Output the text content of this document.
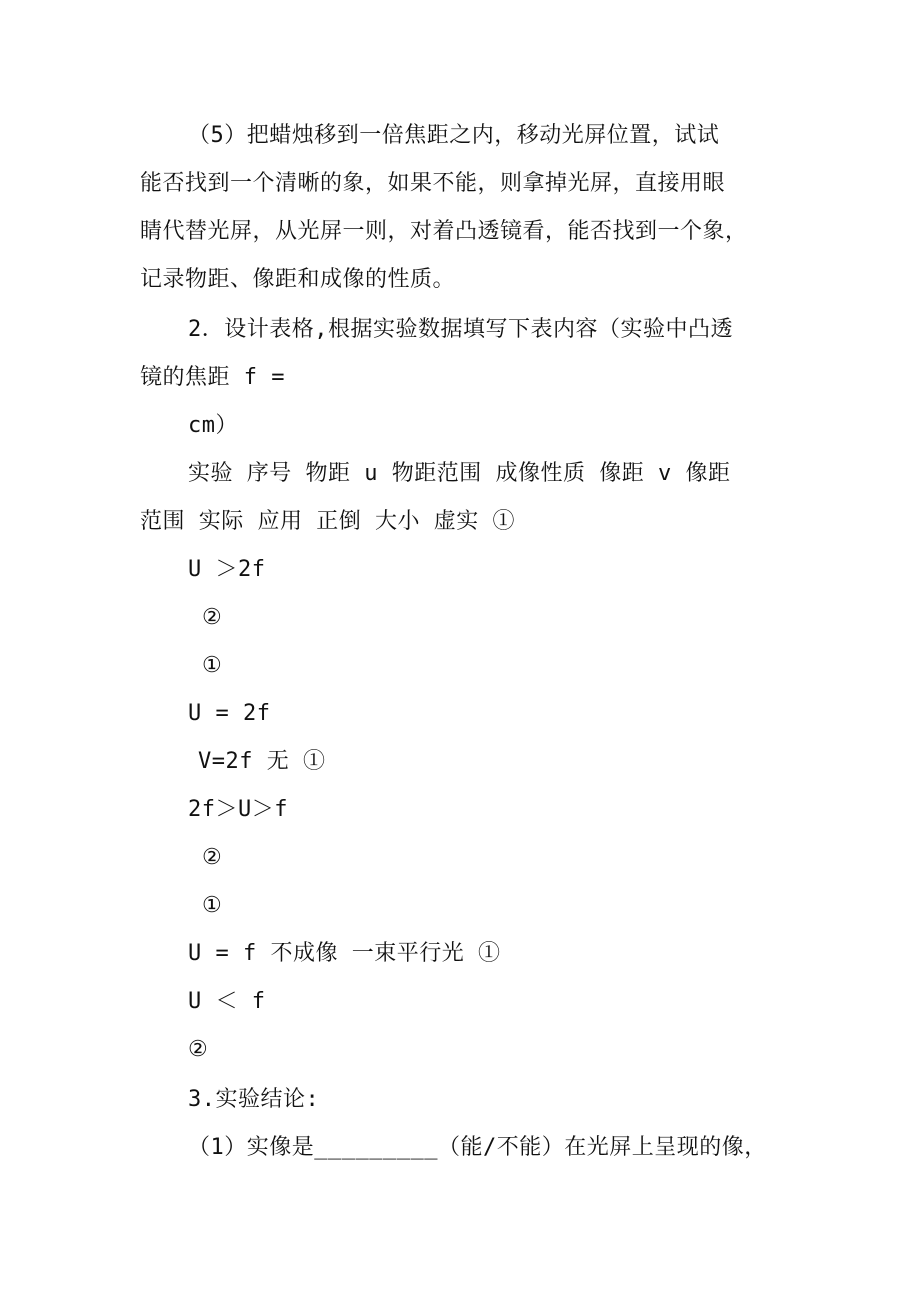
（5）把蜡烛移到一倍焦距之内，移动光屏位置，试试
能否找到一个清晰的象，如果不能，则拿掉光屏，直接用眼
睛代替光屏，从光屏一则，对着凸透镜看，能否找到一个象，
记录物距、像距和成像的性质。
2．设计表格,根据实验数据填写下表内容（实验中凸透
镜的焦距 f =
cm）
实验 序号 物距 u 物距范围 成像性质 像距 v 像距
范围 实际 应用 正倒 大小 虚实 ①
U ＞2f
②
①
U = 2f
V=2f 无 ①
2f＞U＞f
②
①
U = f 不成像 一束平行光 ①
U ＜ f
②
3.实验结论:
（1）实像是_________（能/不能）在光屏上呈现的像，
